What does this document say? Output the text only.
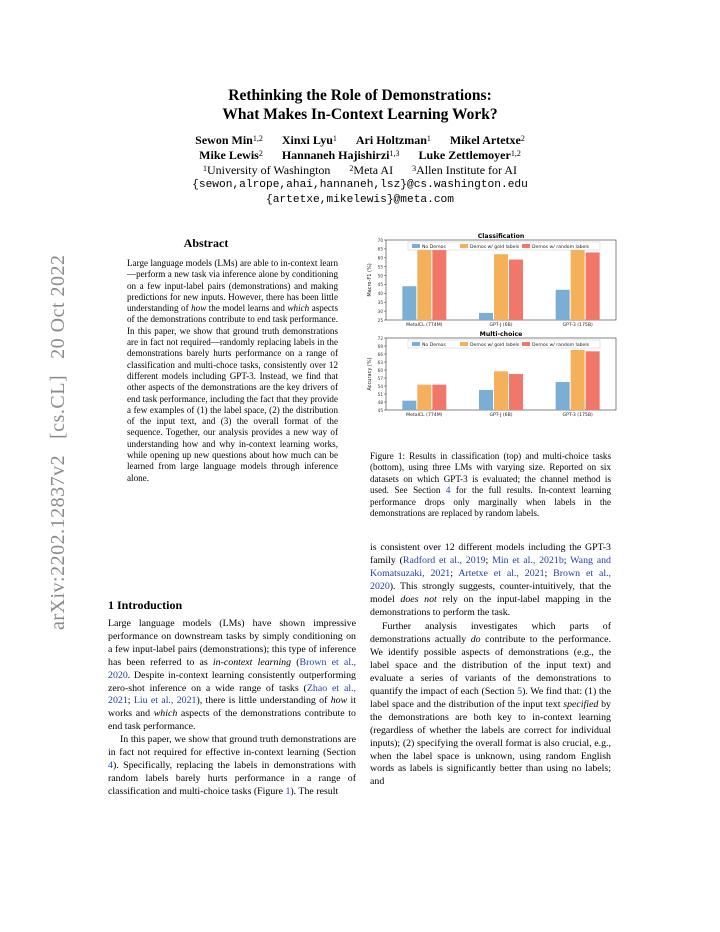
arXiv:2202.12837v2
[cs.CL]
20 Oct 2022
Rethinking the Role of Demonstrations:
What Makes In-Context Learning Work?
Sewon Min$^{1,2}$ Xinxi Lyu$^1$ Ari Holtzman$^1$ Mikel Artetxe$^2$
Mike Lewis$^2$ Hannaneh Hajishirzi$^{1,3}$ Luke Zettlemoyer$^{1,2}$
$^1$University of Washington $^2$Meta AI $^3$Allen Institute for AI
{sewon,alrope,ahai,hannaneh,lsz}@cs.washington.edu
{artetxe,mikelewis}@meta.com
Abstract
Large language models (LMs) are able to in-context learn—perform a new task via inference alone by conditioning on a few input-label pairs (demonstrations) and making predictions for new inputs. However, there has been little understanding of how the model learns and which aspects of the demonstrations contribute to end task performance. In this paper, we show that ground truth demonstrations are in fact not required—randomly replacing labels in the demonstrations barely hurts performance on a range of classification and multi-choce tasks, consistently over 12 different models including GPT-3. Instead, we find that other aspects of the demonstrations are the key drivers of end task performance, including the fact that they provide a few examples of (1) the label space, (2) the distribution of the input text, and (3) the overall format of the sequence. Together, our analysis provides a new way of understanding how and why in-context learning works, while opening up new questions about how much can be learned from large language models through inference alone.
1 Introduction

Large language models (LMs) have shown impressive performance on downstream tasks by simply conditioning on a few input-label pairs (demonstrations); this type of inference has been referred to as in-context learning (Brown et al., 2020. Despite in-context learning consistently outperforming zero-shot inference on a wide range of tasks (Zhao et al., 2021; Liu et al., 2021), there is little understanding of how it works and which aspects of the demonstrations contribute to end task performance.

In this paper, we show that ground truth demonstrations are in fact not required for effective in-context learning (Section 4). Specifically, replacing the labels in demonstrations with random labels barely hurts performance in a range of classification and multi-choice tasks (Figure 1). The result

Classification
25
30
35
40
45
50
55
60
65
70
Macro-F1 (%)
MetaICL (774M)	GPT-J (6B)	GPT-3 (175B)
No Demos	Demos w/ gold labels	Demos w/ random labels
Multi-choice
45
48
51
54
57
60
63
66
69
72
Accuracy (%)
MetaICL (774M)	GPT-J (6B)	GPT-3 (175B)
No Demos	Demos w/ gold labels	Demos w/ random labels
Figure 1: Results in classification (top) and multi-choice tasks (bottom), using three LMs with varying size. Reported on six datasets on which GPT-3 is evaluated; the channel method is used. See Section 4 for the full results. In-context learning performance drops only marginally when labels in the demonstrations are replaced by random labels.

is consistent over 12 different models including the GPT-3 family (Radford et al., 2019; Min et al., 2021b; Wang and Komatsuzaki, 2021; Artetxe et al., 2021; Brown et al., 2020). This strongly suggests, counter-intuitively, that the model does not rely on the input-label mapping in the demonstrations to perform the task.

Further analysis investigates which parts of demonstrations actually do contribute to the performance. We identify possible aspects of demonstrations (e.g., the label space and the distribution of the input text) and evaluate a series of variants of the demonstrations to quantify the impact of each (Section 5). We find that: (1) the label space and the distribution of the input text specified by the demonstrations are both key to in-context learning (regardless of whether the labels are correct for individual inputs); (2) specifying the overall format is also crucial, e.g., when the label space is unknown, using random English words as labels is significantly better than using no labels; and
